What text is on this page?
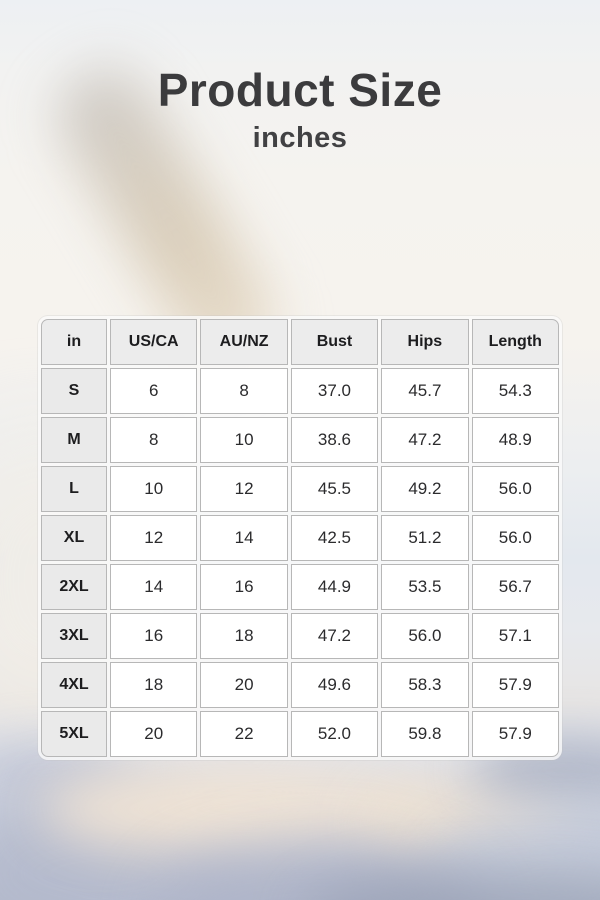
Product Size
inches
in	US/CA	AU/NZ	Bust	Hips	Length
S	6	8	37.0	45.7	54.3
M	8	10	38.6	47.2	48.9
L	10	12	45.5	49.2	56.0
XL	12	14	42.5	51.2	56.0
2XL	14	16	44.9	53.5	56.7
3XL	16	18	47.2	56.0	57.1
4XL	18	20	49.6	58.3	57.9
5XL	20	22	52.0	59.8	57.9
